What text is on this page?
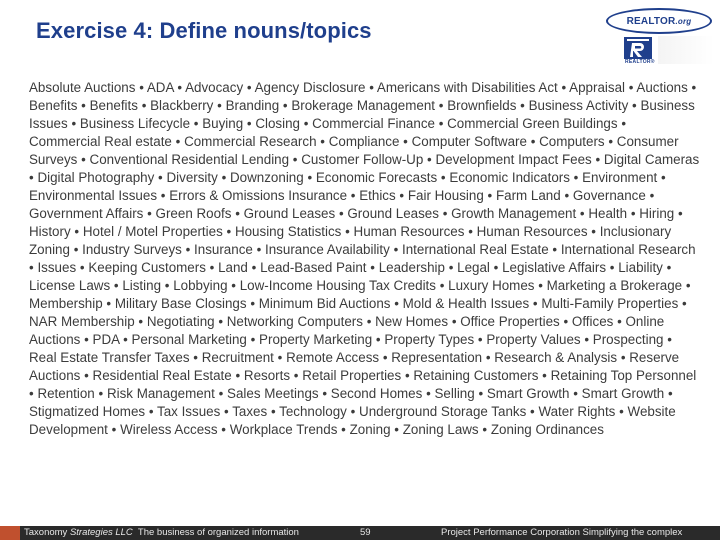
Exercise 4: Define nouns/topics	REALTOR .org
REALTOR®
Absolute Auctions • ADA • Advocacy • Agency Disclosure • Americans with Disabilities Act • Appraisal • Auctions • Benefits • Benefits • Blackberry • Branding • Brokerage Management • Brownfields • Business Activity • Business Issues • Business Lifecycle • Buying • Closing • Commercial Finance • Commercial Green Buildings • Commercial Real estate • Commercial Research • Compliance • Computer Software • Computers • Consumer Surveys • Conventional Residential Lending • Customer Follow-Up • Development Impact Fees • Digital Cameras • Digital Photography • Diversity • Downzoning • Economic Forecasts • Economic Indicators • Environment • Environmental Issues • Errors & Omissions Insurance • Ethics • Fair Housing • Farm Land • Governance • Government Affairs • Green Roofs • Ground Leases • Ground Leases • Growth Management • Health • Hiring • History • Hotel / Motel Properties • Housing Statistics • Human Resources • Human Resources • Inclusionary Zoning • Industry Surveys • Insurance • Insurance Availability • International Real Estate • International Research • Issues • Keeping Customers • Land • Lead-Based Paint • Leadership • Legal • Legislative Affairs • Liability • License Laws • Listing • Lobbying • Low-Income Housing Tax Credits • Luxury Homes • Marketing a Brokerage • Membership • Military Base Closings • Minimum Bid Auctions • Mold & Health Issues • Multi-Family Properties • NAR Membership • Negotiating • Networking Computers • New Homes • Office Properties • Offices • Online Auctions • PDA • Personal Marketing • Property Marketing • Property Types • Property Values • Prospecting • Real Estate Transfer Taxes • Recruitment • Remote Access • Representation • Research & Analysis • Reserve Auctions • Residential Real Estate • Resorts • Retail Properties • Retaining Customers • Retaining Top Personnel • Retention • Risk Management • Sales Meetings • Second Homes • Selling • Smart Growth • Smart Growth • Stigmatized Homes • Tax Issues • Taxes • Technology • Underground Storage Tanks • Water Rights • Website Development • Wireless Access • Workplace Trends • Zoning • Zoning Laws • Zoning Ordinances
Taxonomy Strategies LLC The business of organized information	59	Project Performance Corporation Simplifying the complex
